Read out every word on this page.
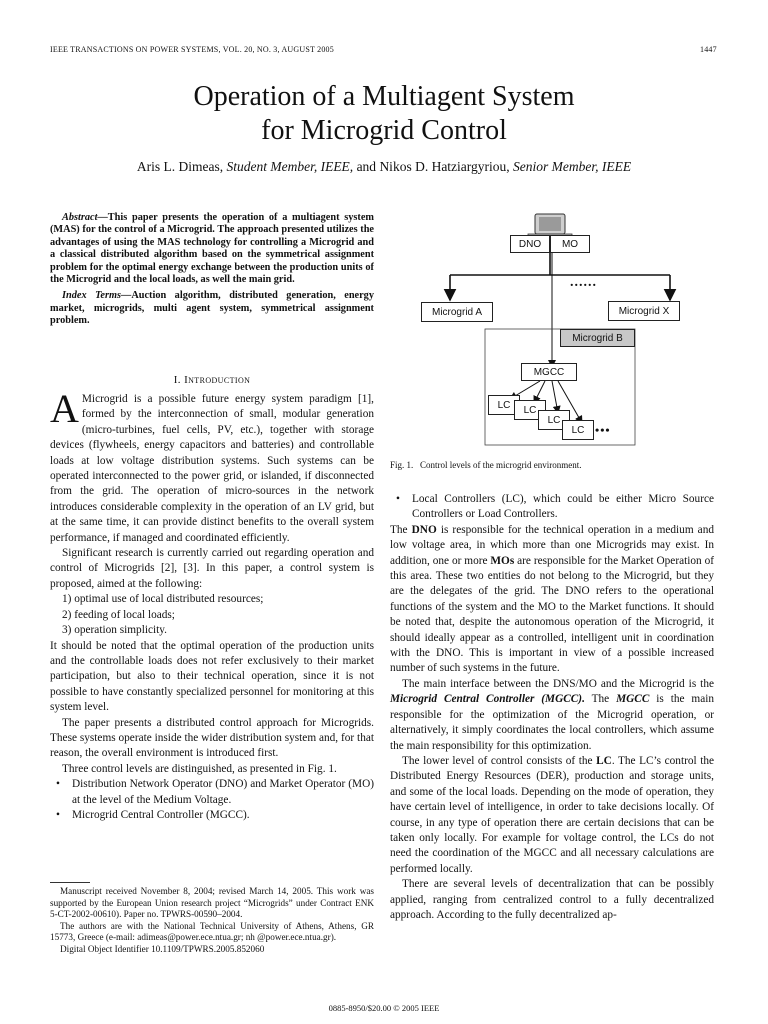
IEEE TRANSACTIONS ON POWER SYSTEMS, VOL. 20, NO. 3, AUGUST 2005	1447
Operation of a Multiagent System
for Microgrid Control
Aris L. Dimeas, Student Member, IEEE, and Nikos D. Hatziargyriou, Senior Member, IEEE

Abstract—This paper presents the operation of a multiagent system (MAS) for the control of a Microgrid. The approach presented utilizes the advantages of using the MAS technology for controlling a Microgrid and a classical distributed algorithm based on the symmetrical assignment problem for the optimal energy exchange between the production units of the Microgrid and the local loads, as well the main grid.

Index Terms—Auction algorithm, distributed generation, energy market, microgrids, multi agent system, symmetrical assignment problem.

I. Introduction

A Microgrid is a possible future energy system paradigm [1], formed by the interconnection of small, modular generation (micro-turbines, fuel cells, PV, etc.), together with storage devices (flywheels, energy capacitors and batteries) and controllable loads at low voltage distribution systems. Such systems can be operated interconnected to the power grid, or islanded, if disconnected from the grid. The operation of micro-sources in the network introduces considerable complexity in the operation of an LV grid, but at the same time, it can provide distinct benefits to the overall system performance, if managed and coordinated efficiently.

Significant research is currently carried out regarding operation and control of Microgrids [2], [3]. In this paper, a control system is proposed, aimed at the following:

1) optimal use of local distributed resources;
2) feeding of local loads;
3) operation simplicity.

It should be noted that the optimal operation of the production units and the controllable loads does not refer exclusively to their market participation, but also to their technical operation, since it is not possible to have constantly specialized personnel for monitoring at this system level.

The paper presents a distributed control approach for Microgrids. These systems operate inside the wider distribution system and, for that reason, the overall environment is introduced first.

Three control levels are distinguished, as presented in Fig. 1.

• Distribution Network Operator (DNO) and Market Operator (MO) at the level of the Medium Voltage.
• Microgrid Central Controller (MGCC).

Manuscript received November 8, 2004; revised March 14, 2005. This work was supported by the European Union research project “Microgrids” under Contract ENK 5-CT-2002-00610). Paper no. TPWRS-00590–2004.

The authors are with the National Technical University of Athens, Athens, GR 15773, Greece (e-mail: adimeas@power.ece.ntua.gr; nh @power.ece.ntua.gr).

Digital Object Identifier 10.1109/TPWRS.2005.852060

DNO	MO
......
Microgrid A	Microgrid X
Microgrid B
MGCC
LC	LC
LC
LC •••
Fig. 1. Control levels of the microgrid environment.
• Local Controllers (LC), which could be either Micro Source Controllers or Load Controllers.

The DNO is responsible for the technical operation in a medium and low voltage area, in which more than one Microgrids may exist. In addition, one or more MOs are responsible for the Market Operation of this area. These two entities do not belong to the Microgrid, but they are the delegates of the grid. The DNO refers to the operational functions of the system and the MO to the Market functions. It should be noted that, despite the autonomous operation of the Microgrid, it should ideally appear as a controlled, intelligent unit in coordination with the DNO. This is important in view of a possible increased number of such systems in the future.

The main interface between the DNS/MO and the Microgrid is the Microgrid Central Controller (MGCC). The MGCC is the main responsible for the optimization of the Microgrid operation, or alternatively, it simply coordinates the local controllers, which assume the main responsibility for this optimization.

The lower level of control consists of the LC. The LC’s control the Distributed Energy Resources (DER), production and storage units, and some of the local loads. Depending on the mode of operation, they have certain level of intelligence, in order to take decisions locally. Of course, in any type of operation there are certain decisions that can be taken only locally. For example for voltage control, the LCs do not need the coordination of the MGCC and all necessary calculations are performed locally.

There are several levels of decentralization that can be possibly applied, ranging from centralized control to a fully decentralized approach. According to the fully decentralized ap-

0885-8950/$20.00 © 2005 IEEE
